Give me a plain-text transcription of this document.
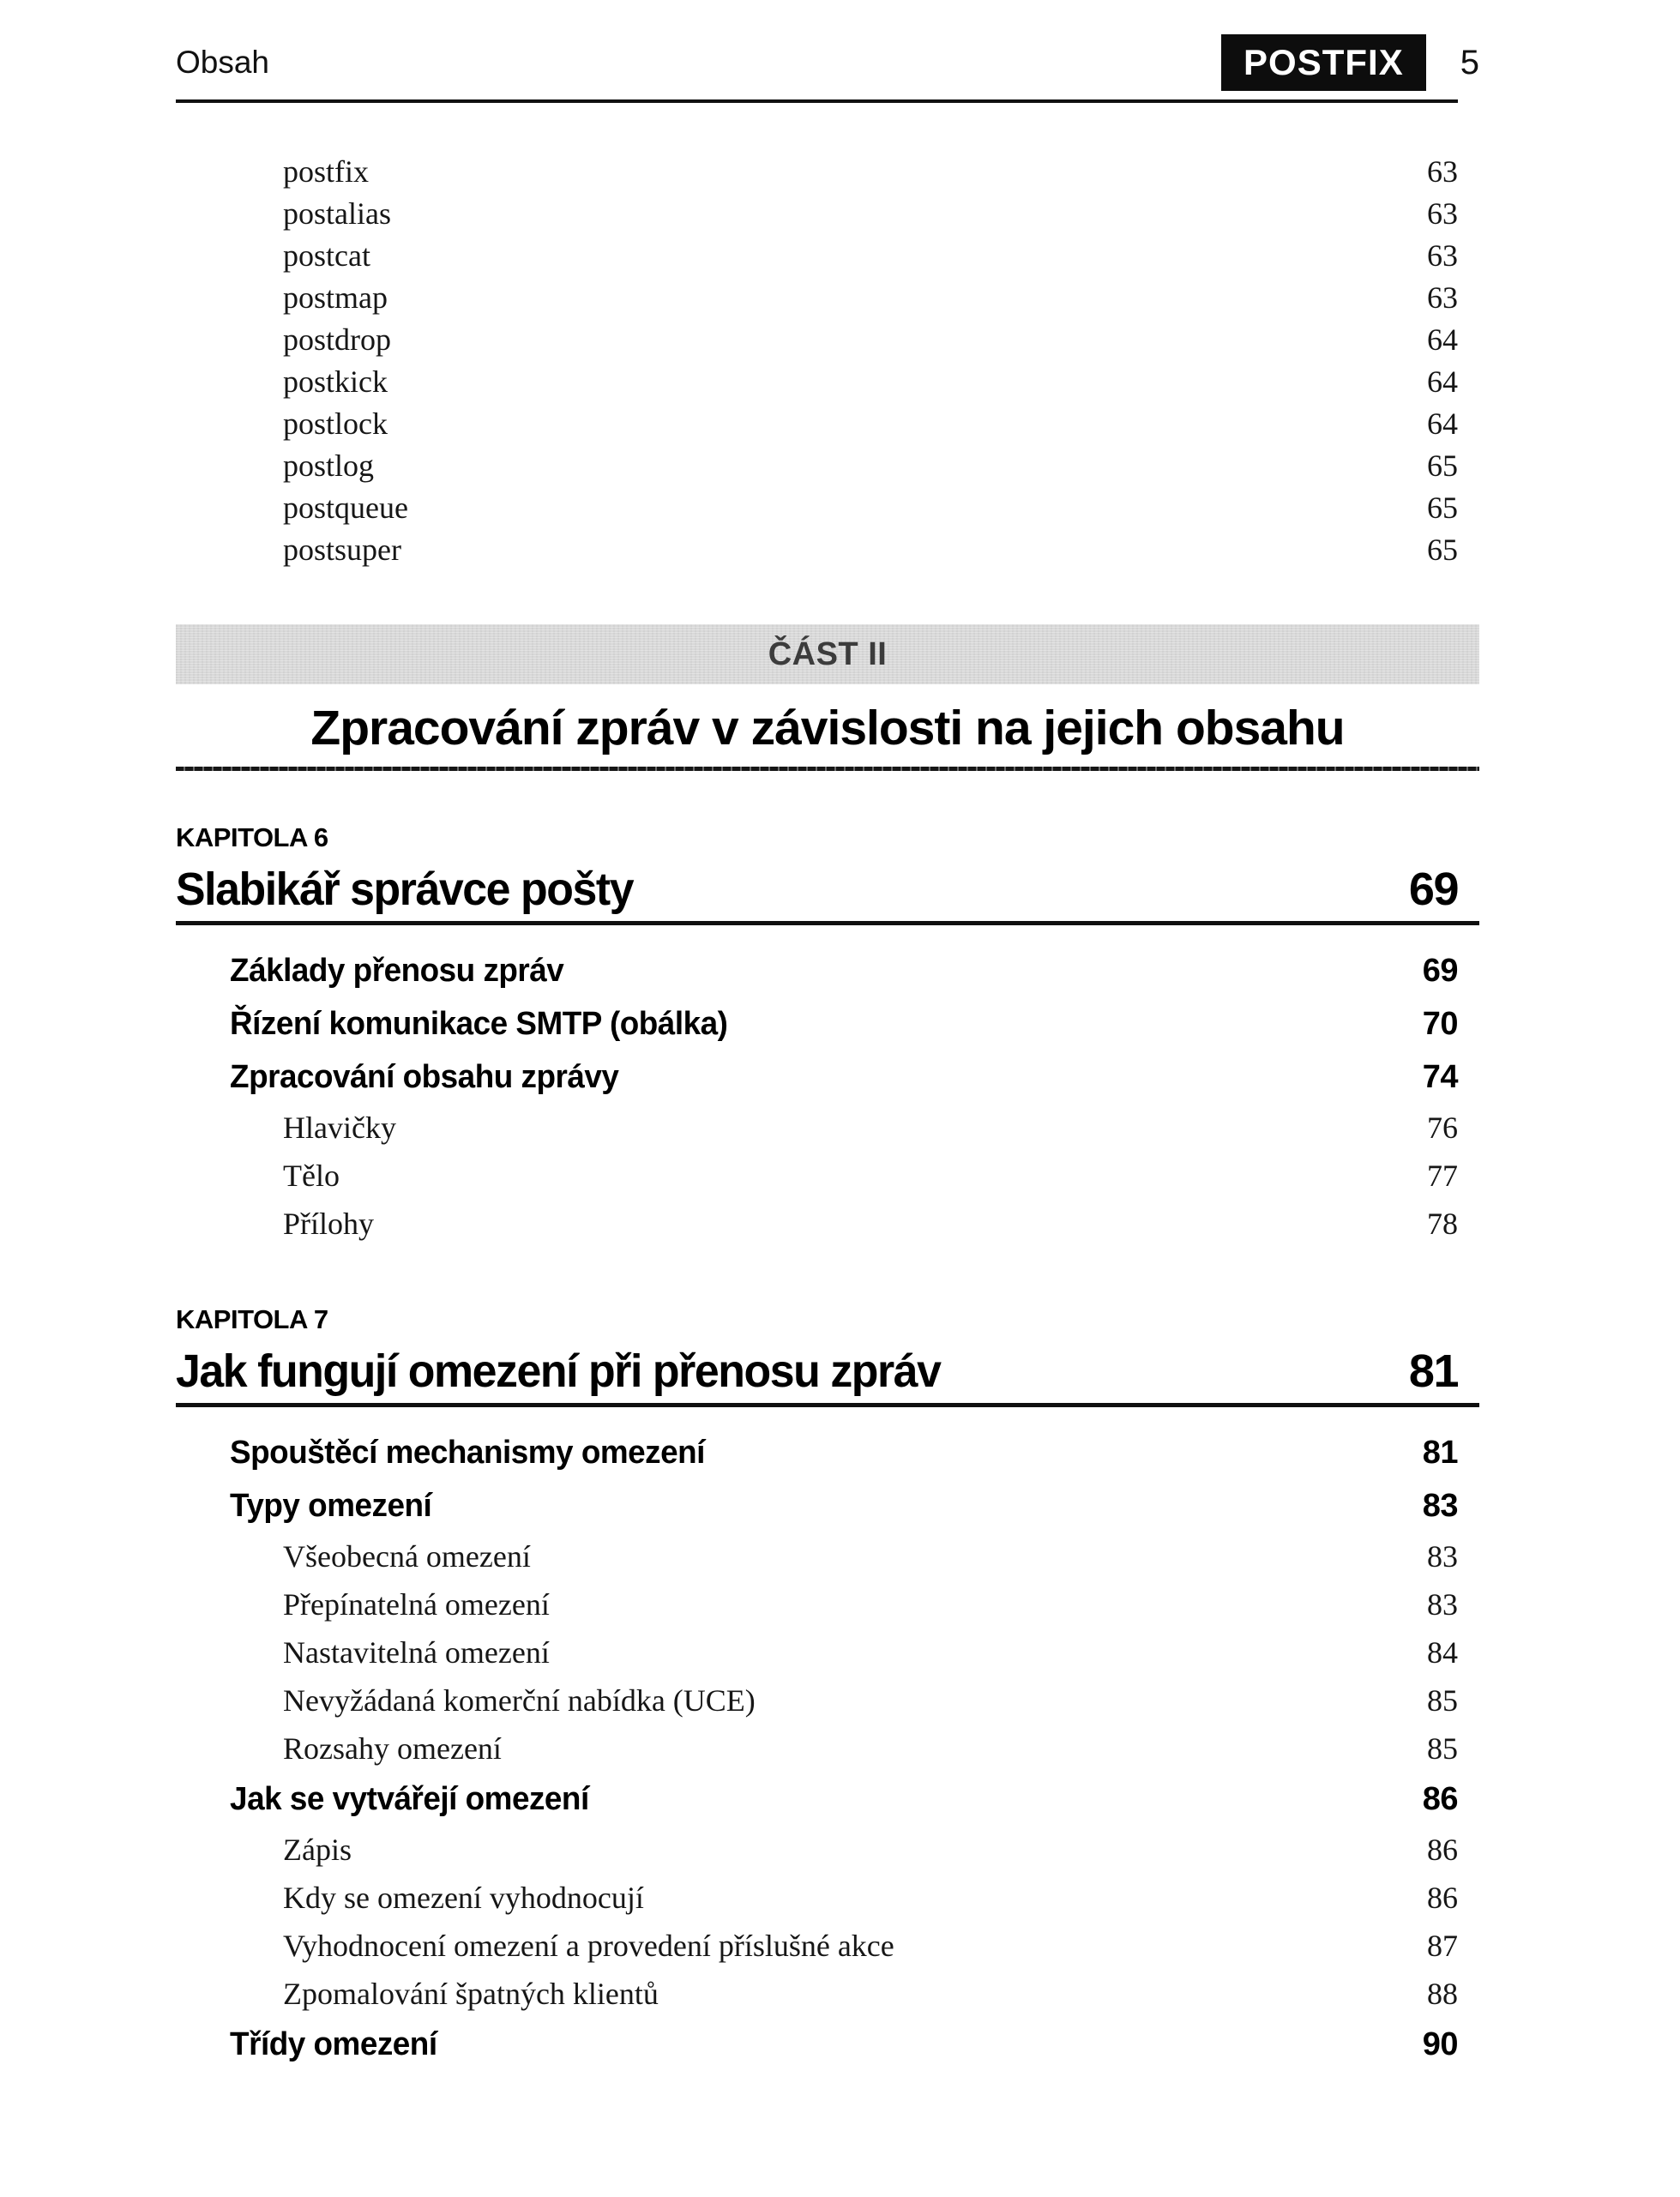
Obsah	POSTFIX	5
postfix	63
postalias	63
postcat	63
postmap	63
postdrop	64
postkick	64
postlock	64
postlog	65
postqueue	65
postsuper	65
ČÁST II
Zpracování zpráv v závislosti na jejich obsahu
KAPITOLA 6
Slabikář správce pošty	69
Základy přenosu zpráv	69
Řízení komunikace SMTP (obálka)	70
Zpracování obsahu zprávy	74
Hlavičky	76
Tělo	77
Přílohy	78
KAPITOLA 7
Jak fungují omezení při přenosu zpráv	81
Spouštěcí mechanismy omezení	81
Typy omezení	83
Všeobecná omezení	83
Přepínatelná omezení	83
Nastavitelná omezení	84
Nevyžádaná komerční nabídka (UCE)	85
Rozsahy omezení	85
Jak se vytvářejí omezení	86
Zápis	86
Kdy se omezení vyhodnocují	86
Vyhodnocení omezení a provedení příslušné akce	87
Zpomalování špatných klientů	88
Třídy omezení	90
